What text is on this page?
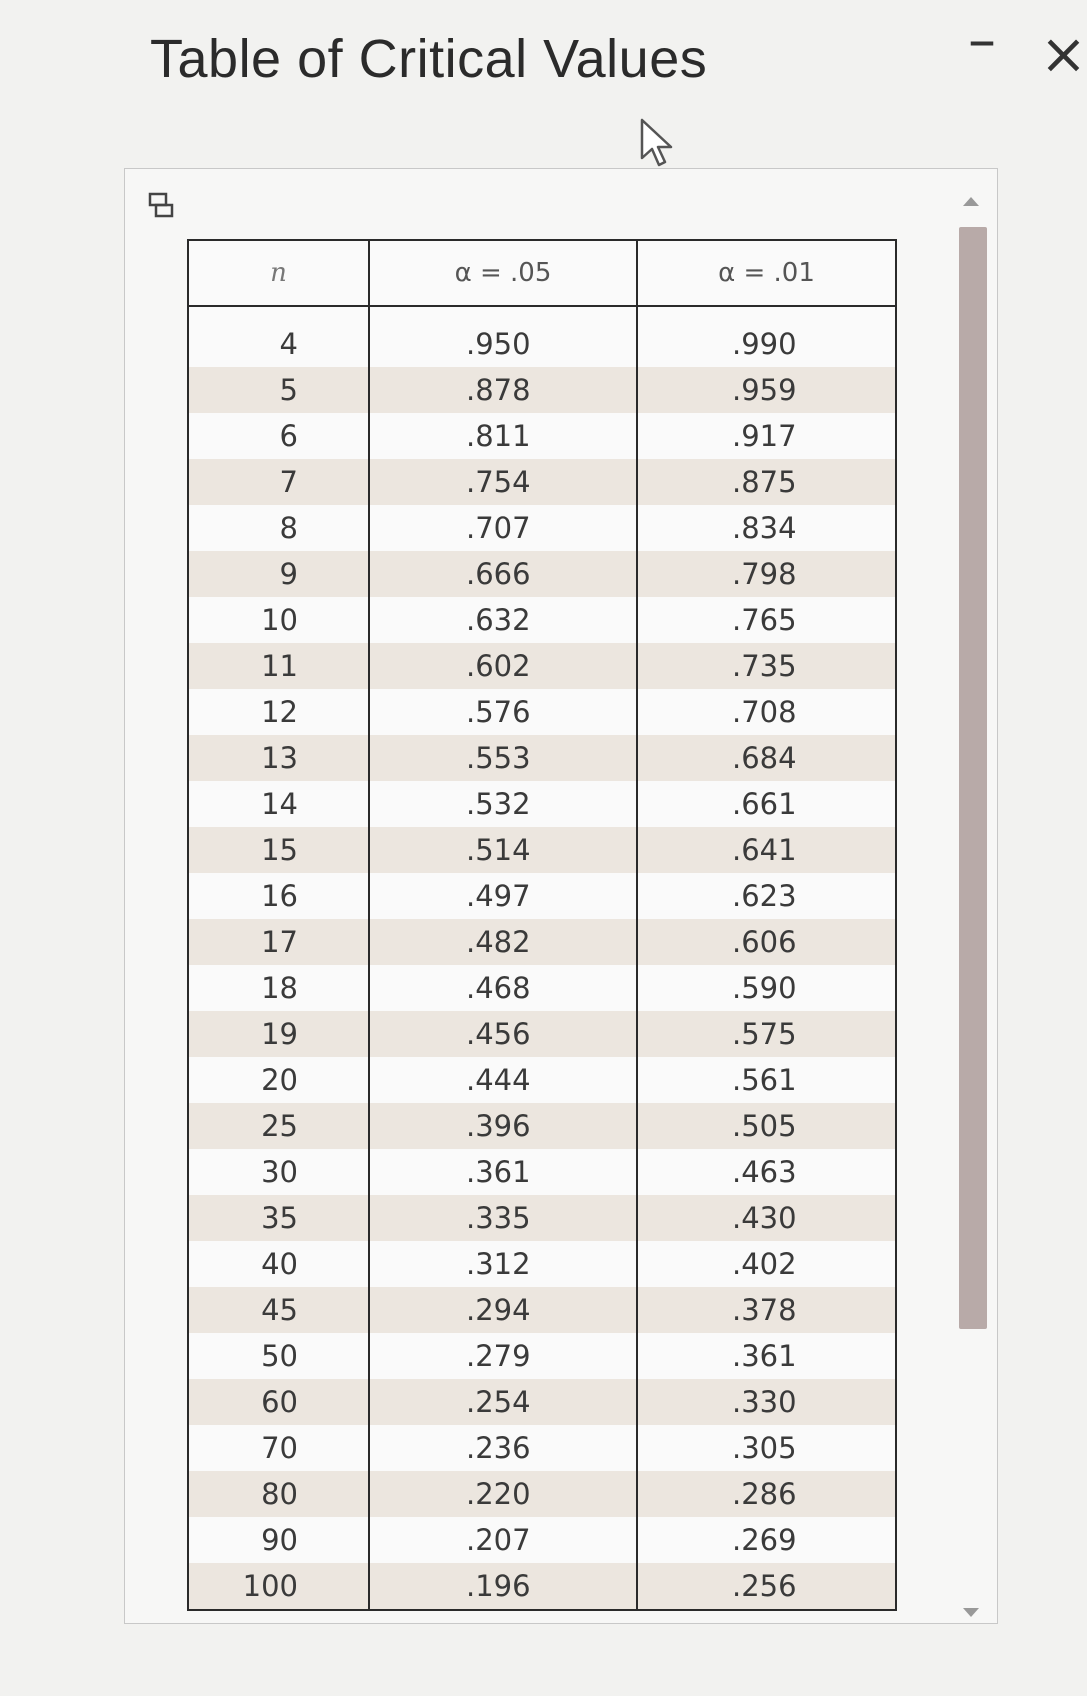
Table of Critical Values	– ×
n	α = .05	α = .01
4	.950	.990
5	.878	.959
6	.811	.917
7	.754	.875
8	.707	.834
9	.666	.798
10	.632	.765
11	.602	.735
12	.576	.708
13	.553	.684
14	.532	.661
15	.514	.641
16	.497	.623
17	.482	.606
18	.468	.590
19	.456	.575
20	.444	.561
25	.396	.505
30	.361	.463
35	.335	.430
40	.312	.402
45	.294	.378
50	.279	.361
60	.254	.330
70	.236	.305
80	.220	.286
90	.207	.269
100	.196	.256
